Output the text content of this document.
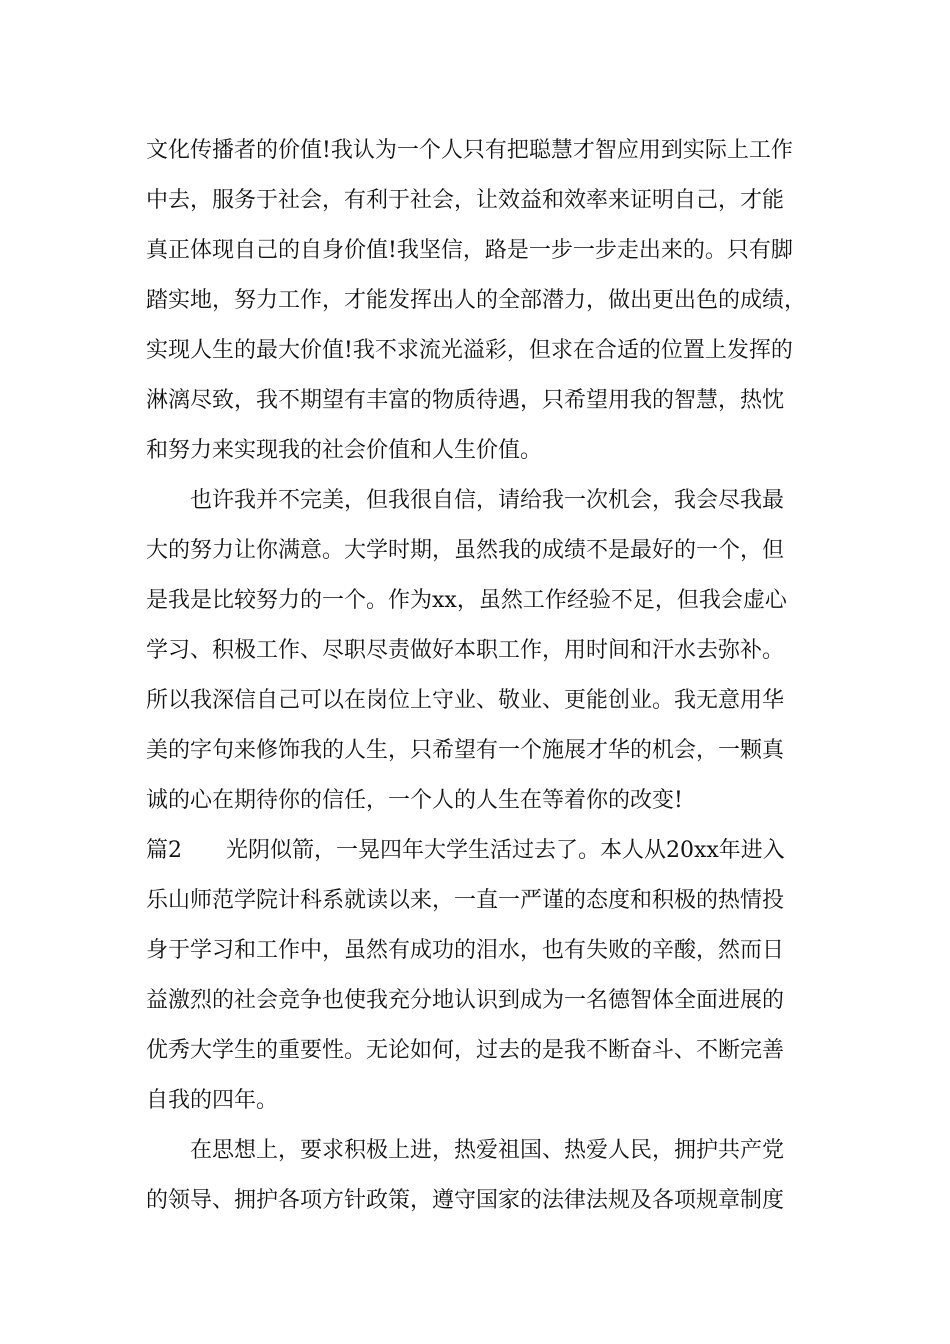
文化传播者的价值!我认为一个人只有把聪慧才智应用到实际上工作
中去，服务于社会，有利于社会，让效益和效率来证明自己，才能
真正体现自己的自身价值!我坚信，路是一步一步走出来的。只有脚
踏实地，努力工作，才能发挥出人的全部潜力，做出更出色的成绩，
实现人生的最大价值!我不求流光溢彩，但求在合适的位置上发挥的
淋漓尽致，我不期望有丰富的物质待遇，只希望用我的智慧，热忱
和努力来实现我的社会价值和人生价值。
　　也许我并不完美，但我很自信，请给我一次机会，我会尽我最
大的努力让你满意。大学时期，虽然我的成绩不是最好的一个，但
是我是比较努力的一个。作为xx，虽然工作经验不足，但我会虚心
学习、积极工作、尽职尽责做好本职工作，用时间和汗水去弥补。
所以我深信自己可以在岗位上守业、敬业、更能创业。我无意用华
美的字句来修饰我的人生，只希望有一个施展才华的机会，一颗真
诚的心在期待你的信任，一个人的人生在等着你的改变!
篇2　　光阴似箭，一晃四年大学生活过去了。本人从20xx年进入
乐山师范学院计科系就读以来，一直一严谨的态度和积极的热情投
身于学习和工作中，虽然有成功的泪水，也有失败的辛酸，然而日
益激烈的社会竞争也使我充分地认识到成为一名德智体全面进展的
优秀大学生的重要性。无论如何，过去的是我不断奋斗、不断完善
自我的四年。
　　在思想上，要求积极上进，热爱祖国、热爱人民，拥护共产党
的领导、拥护各项方针政策，遵守国家的法律法规及各项规章制度
